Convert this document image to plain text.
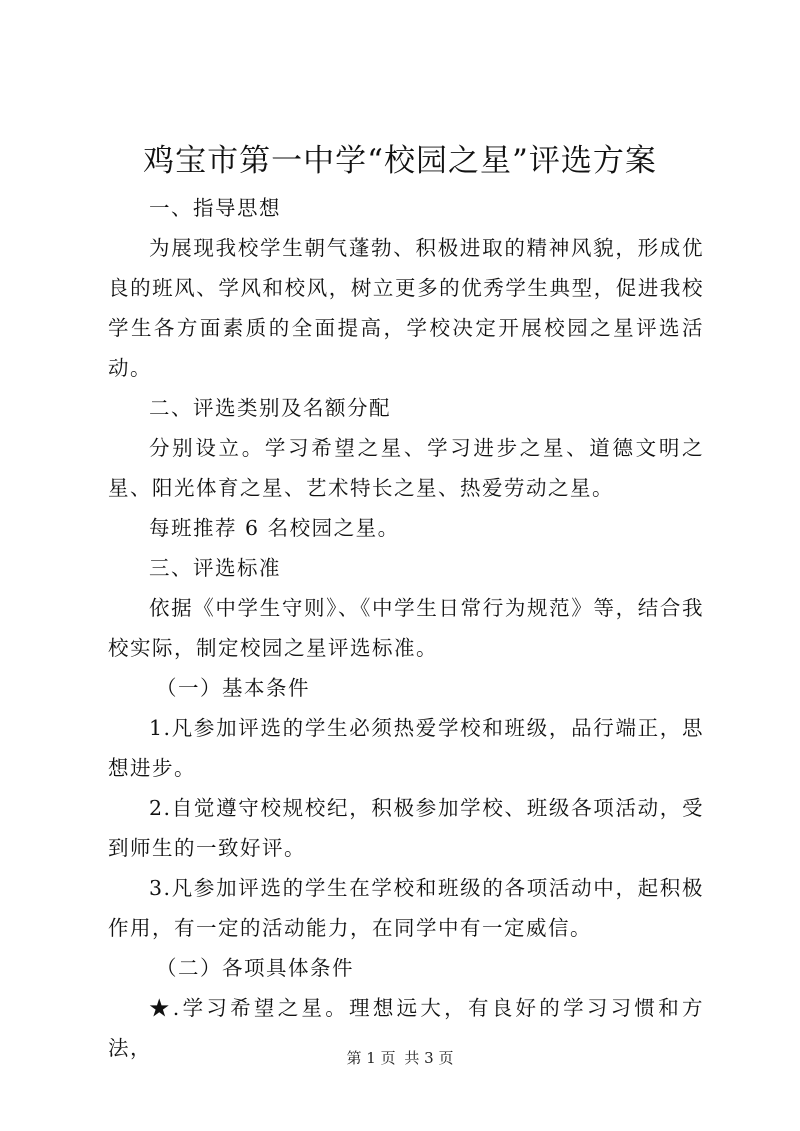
鸡宝市第一中学“校园之星”评选方案

一、指导思想

为展现我校学生朝气蓬勃、积极进取的精神风貌，形成优良的班风、学风和校风，树立更多的优秀学生典型，促进我校学生各方面素质的全面提高，学校决定开展校园之星评选活动。

二、评选类别及名额分配

分别设立。学习希望之星、学习进步之星、道德文明之星、阳光体育之星、艺术特长之星、热爱劳动之星。

每班推荐 6 名校园之星。

三、评选标准

依据《中学生守则》、《中学生日常行为规范》等，结合我校实际，制定校园之星评选标准。

（一）基本条件

1.凡参加评选的学生必须热爱学校和班级，品行端正，思想进步。

2.自觉遵守校规校纪，积极参加学校、班级各项活动，受到师生的一致好评。

3.凡参加评选的学生在学校和班级的各项活动中，起积极作用，有一定的活动能力，在同学中有一定威信。

（二）各项具体条件

★.学习希望之星。理想远大，有良好的学习习惯和方法，	第 1 页 共 3 页
